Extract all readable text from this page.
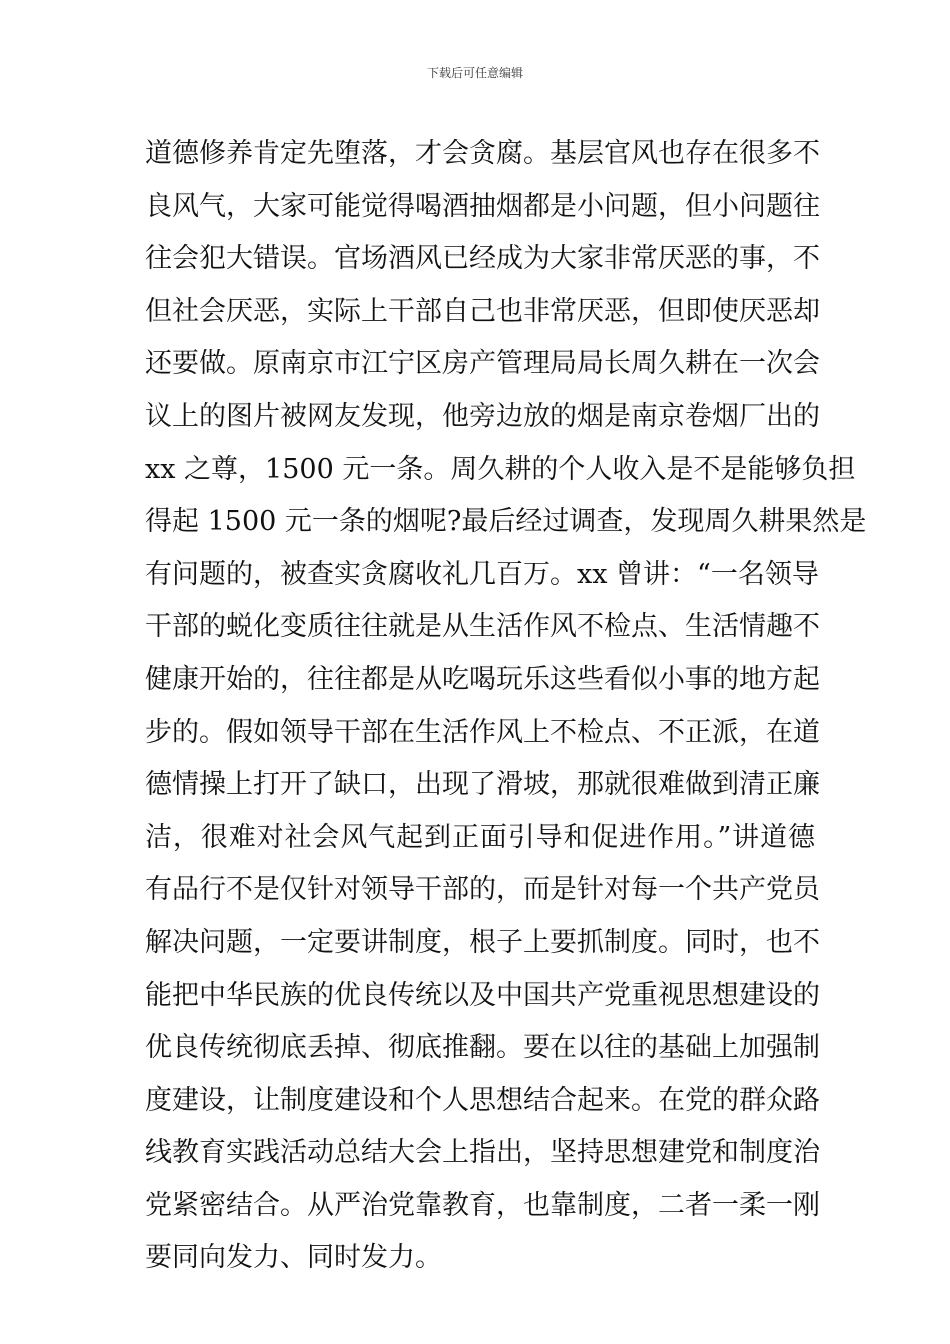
下载后可任意编辑
道德修养肯定先堕落，才会贪腐。基层官风也存在很多不
良风气，大家可能觉得喝酒抽烟都是小问题，但小问题往
往会犯大错误。官场酒风已经成为大家非常厌恶的事，不
但社会厌恶，实际上干部自己也非常厌恶，但即使厌恶却
还要做。原南京市江宁区房产管理局局长周久耕在一次会
议上的图片被网友发现，他旁边放的烟是南京卷烟厂出的
xx 之尊，1500 元一条。周久耕的个人收入是不是能够负担
得起 1500 元一条的烟呢?最后经过调查，发现周久耕果然是
有问题的，被查实贪腐收礼几百万。xx 曾讲：“一名领导
干部的蜕化变质往往就是从生活作风不检点、生活情趣不
健康开始的，往往都是从吃喝玩乐这些看似小事的地方起
步的。假如领导干部在生活作风上不检点、不正派，在道
德情操上打开了缺口，出现了滑坡，那就很难做到清正廉
洁，很难对社会风气起到正面引导和促进作用。”讲道德
有品行不是仅针对领导干部的，而是针对每一个共产党员
解决问题，一定要讲制度，根子上要抓制度。同时，也不
能把中华民族的优良传统以及中国共产党重视思想建设的
优良传统彻底丢掉、彻底推翻。要在以往的基础上加强制
度建设，让制度建设和个人思想结合起来。在党的群众路
线教育实践活动总结大会上指出，坚持思想建党和制度治
党紧密结合。从严治党靠教育，也靠制度，二者一柔一刚
要同向发力、同时发力。
